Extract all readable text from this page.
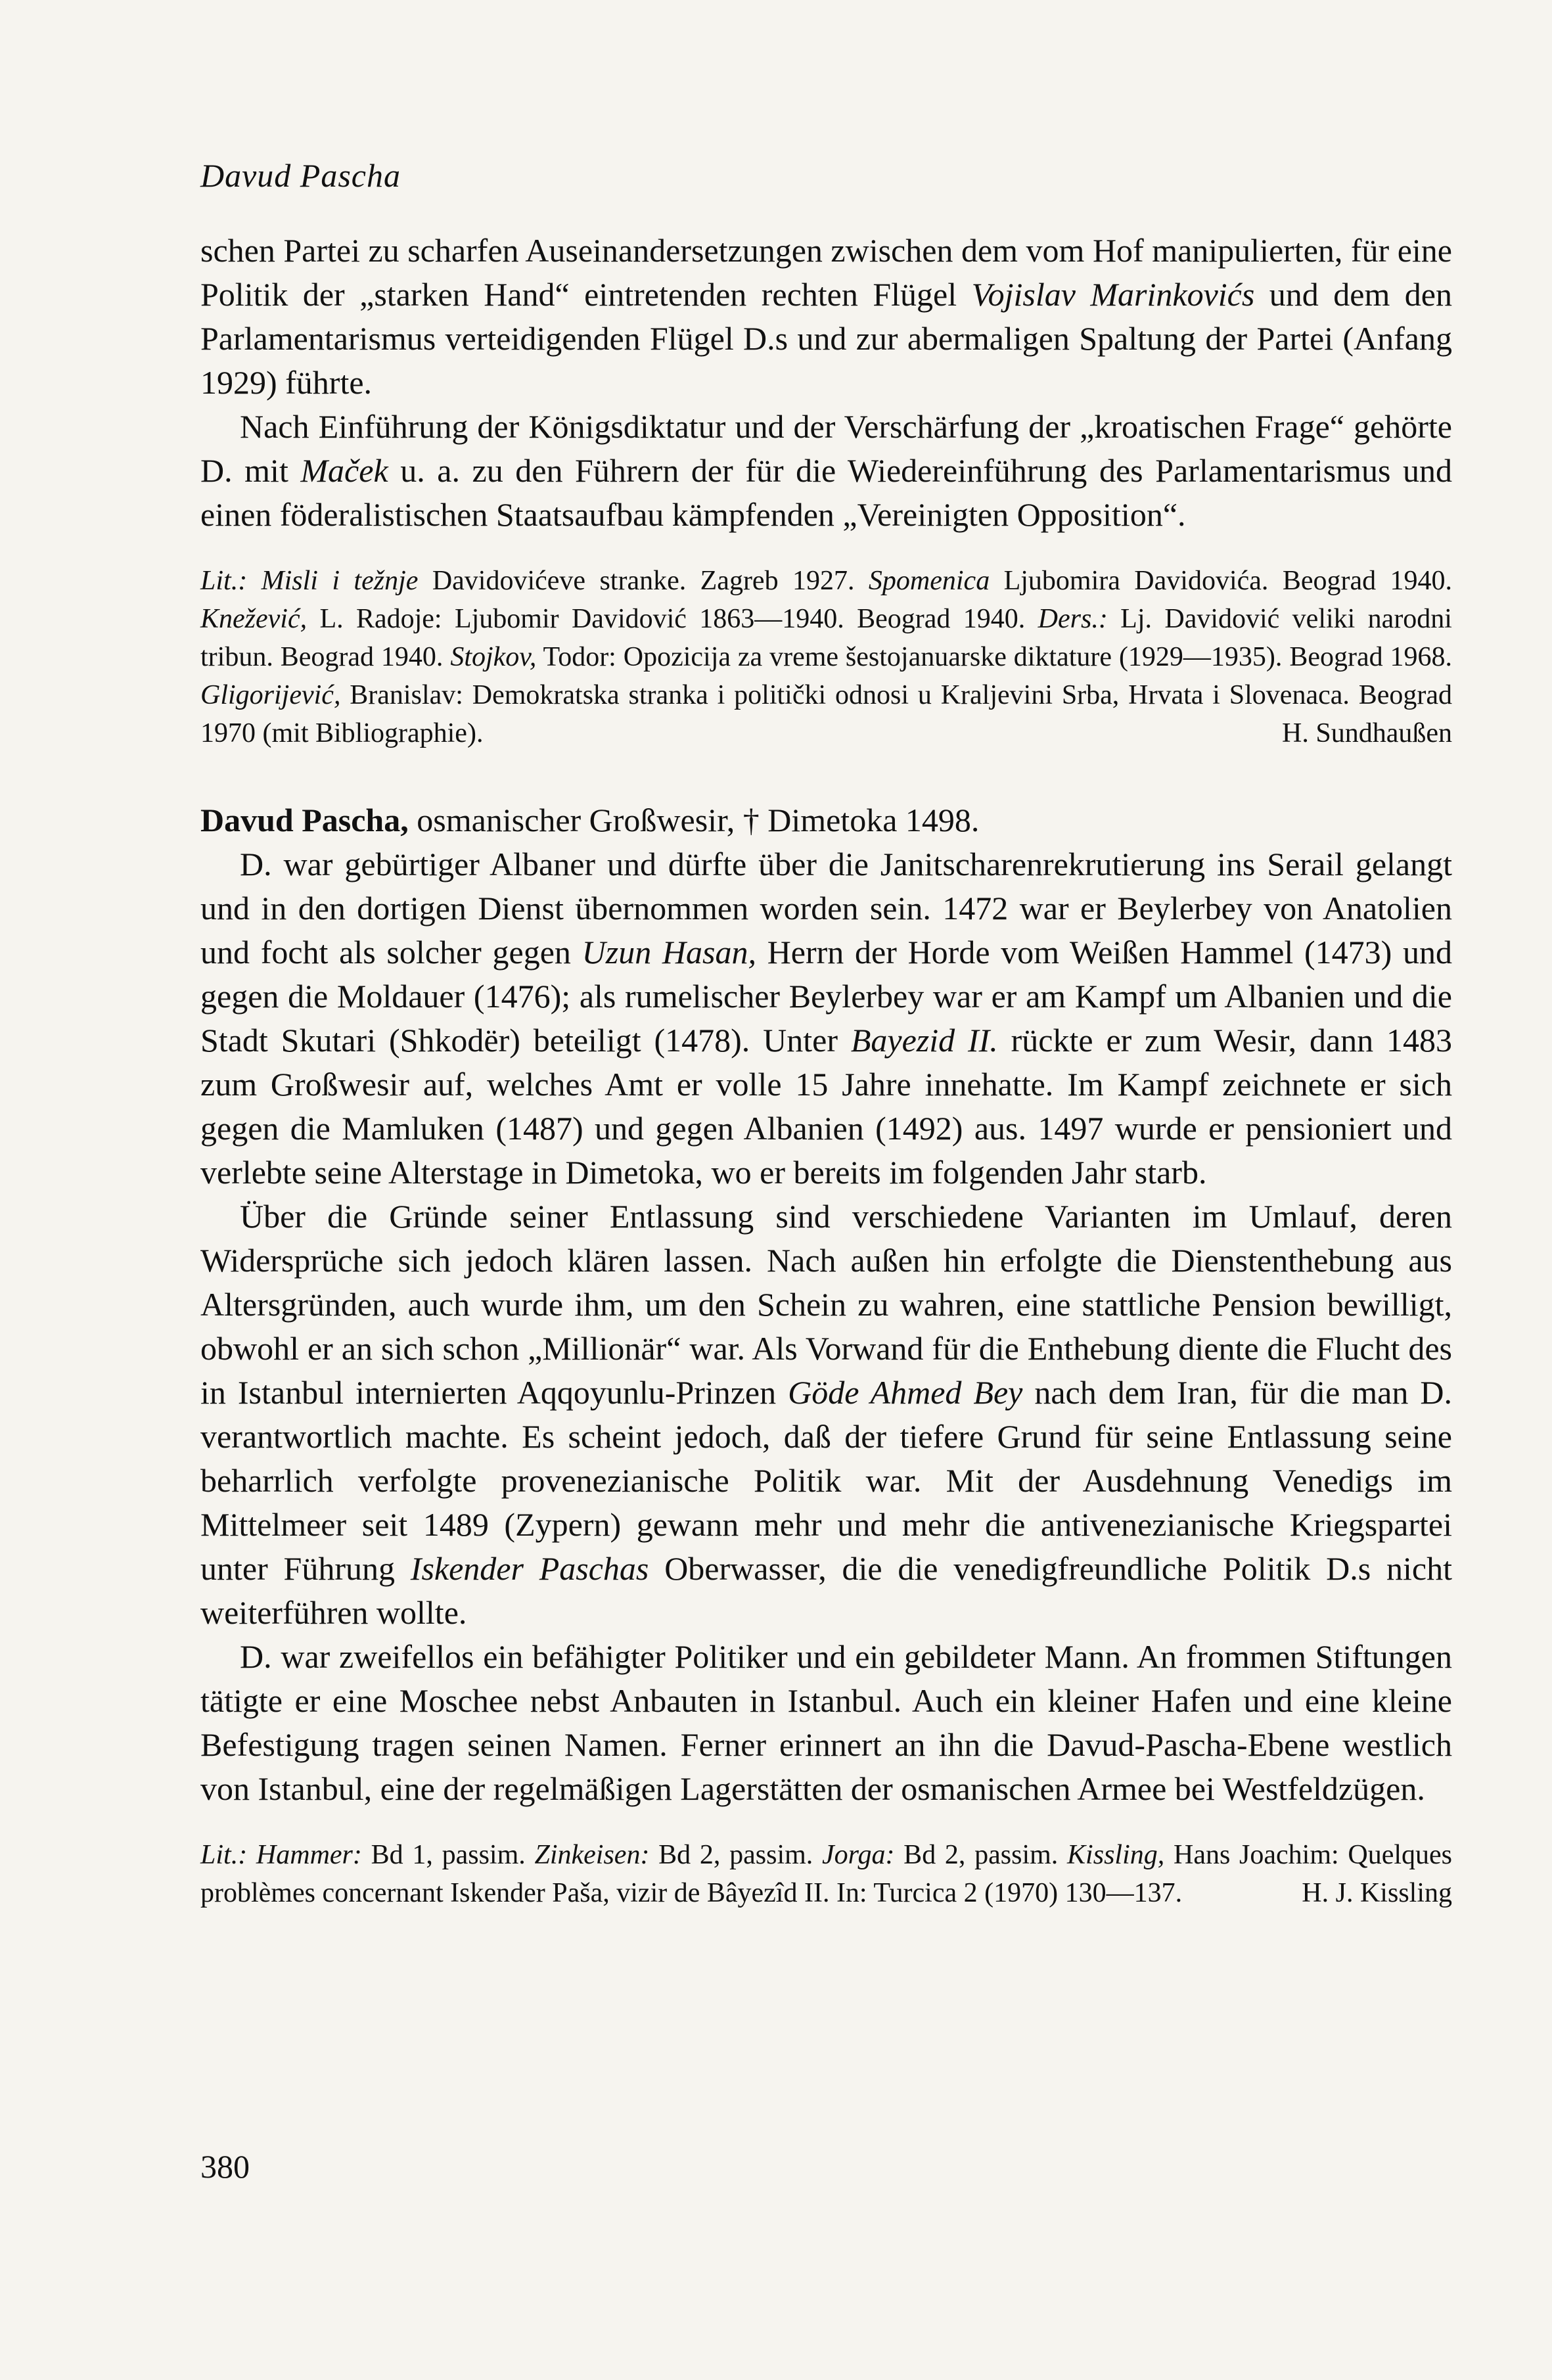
Davud Pascha

schen Partei zu scharfen Auseinandersetzungen zwischen dem vom Hof manipulierten, für eine Politik der „starken Hand“ eintretenden rechten Flügel Vojislav Marinkovićs und dem den Parlamentarismus verteidigenden Flügel D.s und zur abermaligen Spaltung der Partei (Anfang 1929) führte.

Nach Einführung der Königsdiktatur und der Verschärfung der „kroatischen Frage“ gehörte D. mit Maček u. a. zu den Führern der für die Wiedereinführung des Parlamentarismus und einen föderalistischen Staatsaufbau kämpfenden „Vereinigten Opposition“.

Lit.: Misli i težnje Davidovićeve stranke. Zagreb 1927. Spomenica Ljubomira Davidovića. Beograd 1940. Knežević, L. Radoje: Ljubomir Davidović 1863—1940. Beograd 1940. Ders.: Lj. Davidović veliki narodni tribun. Beograd 1940. Stojkov, Todor: Opozicija za vreme šestojanuarske diktature (1929—1935). Beograd 1968. Gligorijević, Branislav: Demokratska stranka i politički odnosi u Kraljevini Srba, Hrvata i Slovenaca. Beograd 1970 (mit Bibliographie).	H. Sundhaußen

Davud Pascha, osmanischer Großwesir, † Dimetoka 1498.

D. war gebürtiger Albaner und dürfte über die Janitscharenrekrutierung ins Serail gelangt und in den dortigen Dienst übernommen worden sein. 1472 war er Beylerbey von Anatolien und focht als solcher gegen Uzun Hasan, Herrn der Horde vom Weißen Hammel (1473) und gegen die Moldauer (1476); als rumelischer Beylerbey war er am Kampf um Albanien und die Stadt Skutari (Shkodër) beteiligt (1478). Unter Bayezid II. rückte er zum Wesir, dann 1483 zum Großwesir auf, welches Amt er volle 15 Jahre innehatte. Im Kampf zeichnete er sich gegen die Mamluken (1487) und gegen Albanien (1492) aus. 1497 wurde er pensioniert und verlebte seine Alterstage in Dimetoka, wo er bereits im folgenden Jahr starb.

Über die Gründe seiner Entlassung sind verschiedene Varianten im Umlauf, deren Widersprüche sich jedoch klären lassen. Nach außen hin erfolgte die Dienstenthebung aus Altersgründen, auch wurde ihm, um den Schein zu wahren, eine stattliche Pension bewilligt, obwohl er an sich schon „Millionär“ war. Als Vorwand für die Enthebung diente die Flucht des in Istanbul internierten Aqqoyunlu-Prinzen Göde Ahmed Bey nach dem Iran, für die man D. verantwortlich machte. Es scheint jedoch, daß der tiefere Grund für seine Entlassung seine beharrlich verfolgte provenezianische Politik war. Mit der Ausdehnung Venedigs im Mittelmeer seit 1489 (Zypern) gewann mehr und mehr die antivenezianische Kriegspartei unter Führung Iskender Paschas Oberwasser, die die venedigfreundliche Politik D.s nicht weiterführen wollte.

D. war zweifellos ein befähigter Politiker und ein gebildeter Mann. An frommen Stiftungen tätigte er eine Moschee nebst Anbauten in Istanbul. Auch ein kleiner Hafen und eine kleine Befestigung tragen seinen Namen. Ferner erinnert an ihn die Davud-Pascha-Ebene westlich von Istanbul, eine der regelmäßigen Lagerstätten der osmanischen Armee bei Westfeldzügen.

Lit.: Hammer: Bd 1, passim. Zinkeisen: Bd 2, passim. Jorga: Bd 2, passim. Kissling, Hans Joachim: Quelques problèmes concernant Iskender Paša, vizir de Bâyezîd II. In: Turcica 2 (1970) 130—137.	H. J. Kissling

380
